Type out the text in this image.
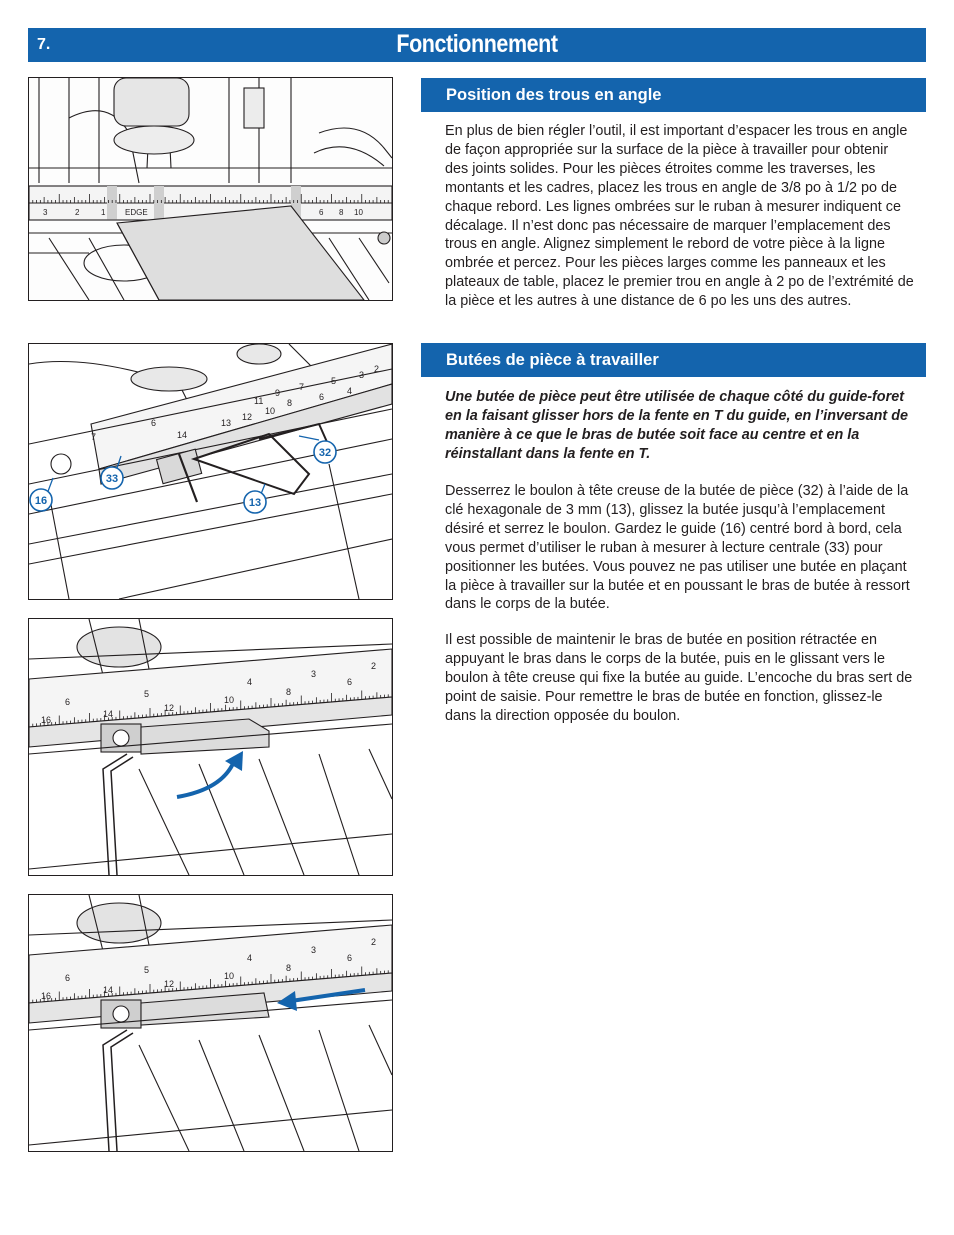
7.	Fonctionnement
Position des trous en angle

En plus de bien régler l’outil, il est important d’espacer les trous en angle de façon appropriée sur la surface de la pièce à travailler pour obtenir des joints solides. Pour les pièces étroites comme les traverses, les montants et les cadres, placez les trous en angle de 3/8 po à 1/2 po de chaque rebord. Les lignes ombrées sur le ruban à mesurer indiquent ce décalage. Il n’est donc pas nécessaire de marquer l’emplacement des trous en angle. Alignez simplement le rebord de votre pièce à la ligne ombrée et percez. Pour les pièces larges comme les panneaux et les plateaux de table, placez le premier trou en angle à 2 po de l’extrémité de la pièce et les autres à une distance de 6 po les uns des autres.

Butées de pièce à travailler

Une butée de pièce peut être utilisée de chaque côté du guide-foret en la faisant glisser hors de la fente en T du guide, en l’inversant de manière à ce que le bras de butée soit face au centre et en la réinstallant dans la fente en T.

Desserrez le boulon à tête creuse de la butée de pièce (32) à l’aide de la clé hexagonale de 3 mm (13), glissez la butée jusqu’à l’emplacement désiré et serrez le boulon. Gardez le guide (16) centré bord à bord, cela vous permet d’utiliser le ruban à mesurer à lecture centrale (33) pour positionner les butées. Vous pouvez ne pas utiliser une butée en plaçant la pièce à travailler sur la butée et en poussant le bras de butée à ressort dans le corps de la butée.

Il est possible de maintenir le bras de butée en position rétractée en appuyant le bras dans le corps de la butée, puis en le glissant vers le boulon à tête creuse qui fixe la butée au guide. L’encoche du bras sert de point de saisie. Pour remettre le bras de butée en fonction, glissez-le dans la direction opposée du boulon.

3	2	1 EDGE	6 8 10
7
6
14
13
12
11
10
9
8
7
6
5
4
3
2
32
33
16	13
16
6
14
5
12
10
4
8
3
6
2
16
6
14
5
12
10
4
8
3
6
2
